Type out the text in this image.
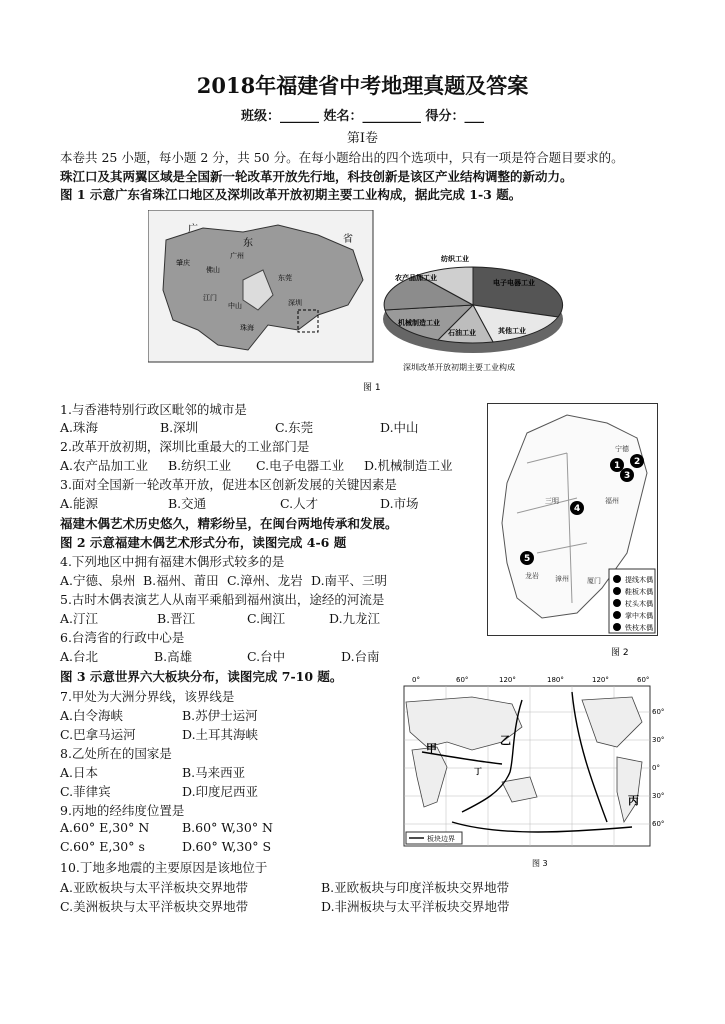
2018年福建省中考地理真题及答案
班级：______ 姓名：_________ 得分：___
第Ⅰ卷
本卷共 25 小题，每小题 2 分，共 50 分。在每小题给出的四个选项中，只有一项是符合题目要求的。
珠江口及其两翼区域是全国新一轮改革开放先行地，科技创新是该区产业结构调整的新动力。
图 1 示意广东省珠江口地区及深圳改革开放初期主要工业构成，据此完成 1-3 题。
广
东	省
肇庆
佛山
广州
江门
中山
珠海
东莞
深圳
纺织工业
农产品加工业
电子电器工业
机械制造工业
石油工业	其他工业
深圳改革开放初期主要工业构成
图 1
1.与香港特别行政区毗邻的城市是
A.珠海	B.深圳	C.东莞	D.中山
2.改革开放初期，深圳比重最大的工业部门是
A.农产品加工业 B.纺织工业 C.电子电器工业 D.机械制造工业
3.面对全国新一轮改革开放，促进本区创新发展的关键因素是
A.能源	B.交通	C.人才	D.市场
福建木偶艺术历史悠久，精彩纷呈，在闽台两地传承和发展。
图 2 示意福建木偶艺术形式分布，读图完成 4-6 题
1 2
3
4
5
宁德
三明	福州
龙岩 漳州	厦门	提线木偶
鞋板木偶
杖头木偶
掌中木偶
铁枝木偶
图 2
4.下列地区中拥有福建木偶形式较多的是
A.宁德、泉州 B.福州、莆田 C.漳州、龙岩 D.南平、三明
5.古时木偶表演艺人从南平乘船到福州演出，途经的河流是
A.汀江	B.晋江	C.闽江	D.九龙江
6.台湾省的行政中心是
A.台北	B.高雄	C.台中	D.台南
图 3 示意世界六大板块分布，读图完成 7-10 题。	0°	60°	120°	180°	120°	60°
甲
乙
丙
丁
60°
30°
0°
30°
60°
板块边界
图 3
7.甲处为大洲分界线，该界线是
A.白令海峡	B.苏伊士运河
C.巴拿马运河	D.土耳其海峡
8.乙处所在的国家是
A.日本	B.马来西亚
C.菲律宾	D.印度尼西亚
9.丙地的经纬度位置是
A.60° E,30° N	B.60° W,30° N
C.60° E,30° s	D.60° W,30° S
10.丁地多地震的主要原因是该地位于
A.亚欧板块与太平洋板块交界地带	B.亚欧板块与印度洋板块交界地带
C.美洲板块与太平洋板块交界地带	D.非洲板块与太平洋板块交界地带
